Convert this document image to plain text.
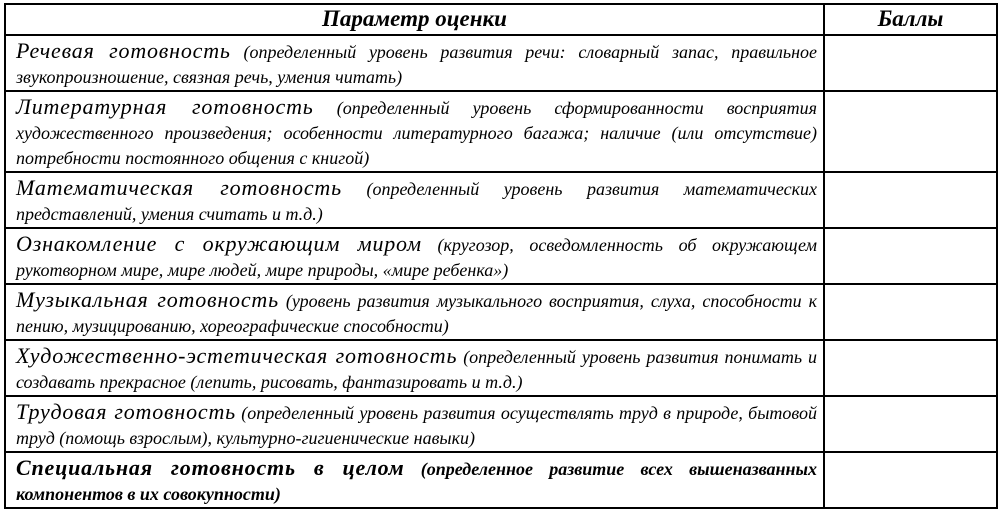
Параметр оценки	Баллы
Речевая готовность (определенный уровень развития речи: словарный запас, правильное звукопроизношение, связная речь, умения читать)	
Литературная готовность (определенный уровень сформированности восприятия художественного произведения; особенности литературного багажа; наличие (или отсутствие) потребности постоянного общения с книгой)	
Математическая готовность (определенный уровень развития математических представлений, умения считать и т.д.)	
Ознакомление с окружающим миром (кругозор, осведомленность об окружающем рукотворном мире, мире людей, мире природы, «мире ребенка»)	
Музыкальная готовность (уровень развития музыкального восприятия, слуха, способности к пению, музицированию, хореографические способности)	
Художественно-эстетическая готовность (определенный уровень развития понимать и создавать прекрасное (лепить, рисовать, фантазировать и т.д.)	
Трудовая готовность (определенный уровень развития осуществлять труд в природе, бытовой труд (помощь взрослым), культурно-гигиенические навыки)	
Специальная готовность в целом (определенное развитие всех вышеназванных компонентов в их совокупности)	
